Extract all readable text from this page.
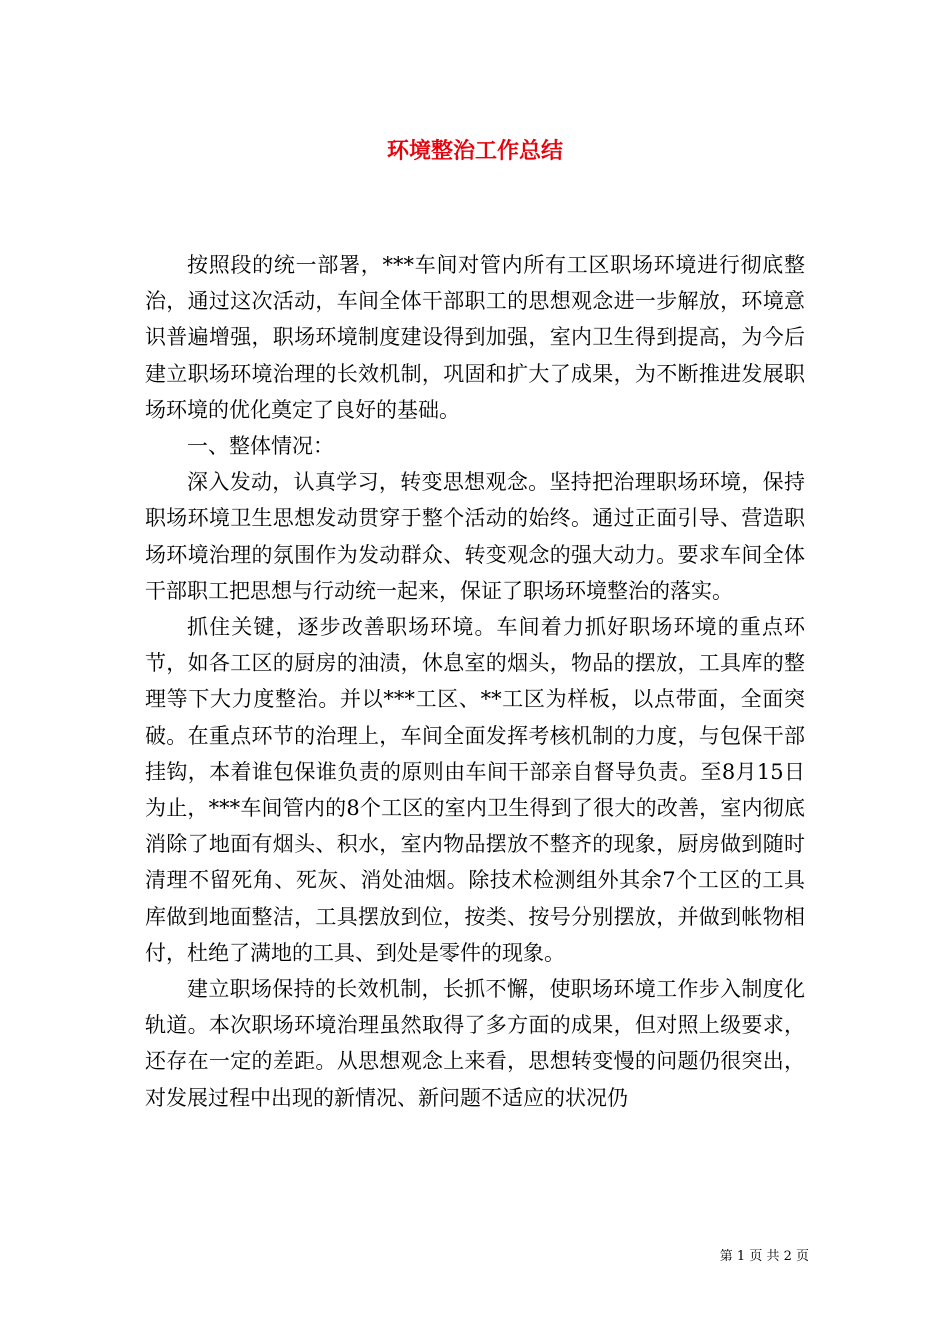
环境整治工作总结

按照段的统一部署，***车间对管内所有工区职场环境进行彻底整治，通过这次活动，车间全体干部职工的思想观念进一步解放，环境意识普遍增强，职场环境制度建设得到加强，室内卫生得到提高，为今后建立职场环境治理的长效机制，巩固和扩大了成果，为不断推进发展职场环境的优化奠定了良好的基础。

一、整体情况：

深入发动，认真学习，转变思想观念。坚持把治理职场环境，保持职场环境卫生思想发动贯穿于整个活动的始终。通过正面引导、营造职场环境治理的氛围作为发动群众、转变观念的强大动力。要求车间全体干部职工把思想与行动统一起来，保证了职场环境整治的落实。

抓住关键，逐步改善职场环境。车间着力抓好职场环境的重点环节，如各工区的厨房的油渍，休息室的烟头，物品的摆放，工具库的整理等下大力度整治。并以***工区、**工区为样板，以点带面，全面突破。在重点环节的治理上，车间全面发挥考核机制的力度，与包保干部挂钩，本着谁包保谁负责的原则由车间干部亲自督导负责。至8月15日为止，***车间管内的8个工区的室内卫生得到了很大的改善，室内彻底消除了地面有烟头、积水，室内物品摆放不整齐的现象，厨房做到随时清理不留死角、死灰、消处油烟。除技术检测组外其余7个工区的工具库做到地面整洁，工具摆放到位，按类、按号分别摆放，并做到帐物相付，杜绝了满地的工具、到处是零件的现象。

建立职场保持的长效机制，长抓不懈，使职场环境工作步入制度化轨道。本次职场环境治理虽然取得了多方面的成果，但对照上级要求，还存在一定的差距。从思想观念上来看，思想转变慢的问题仍很突出，对发展过程中出现的新情况、新问题不适应的状况仍

第 1 页 共 2 页
